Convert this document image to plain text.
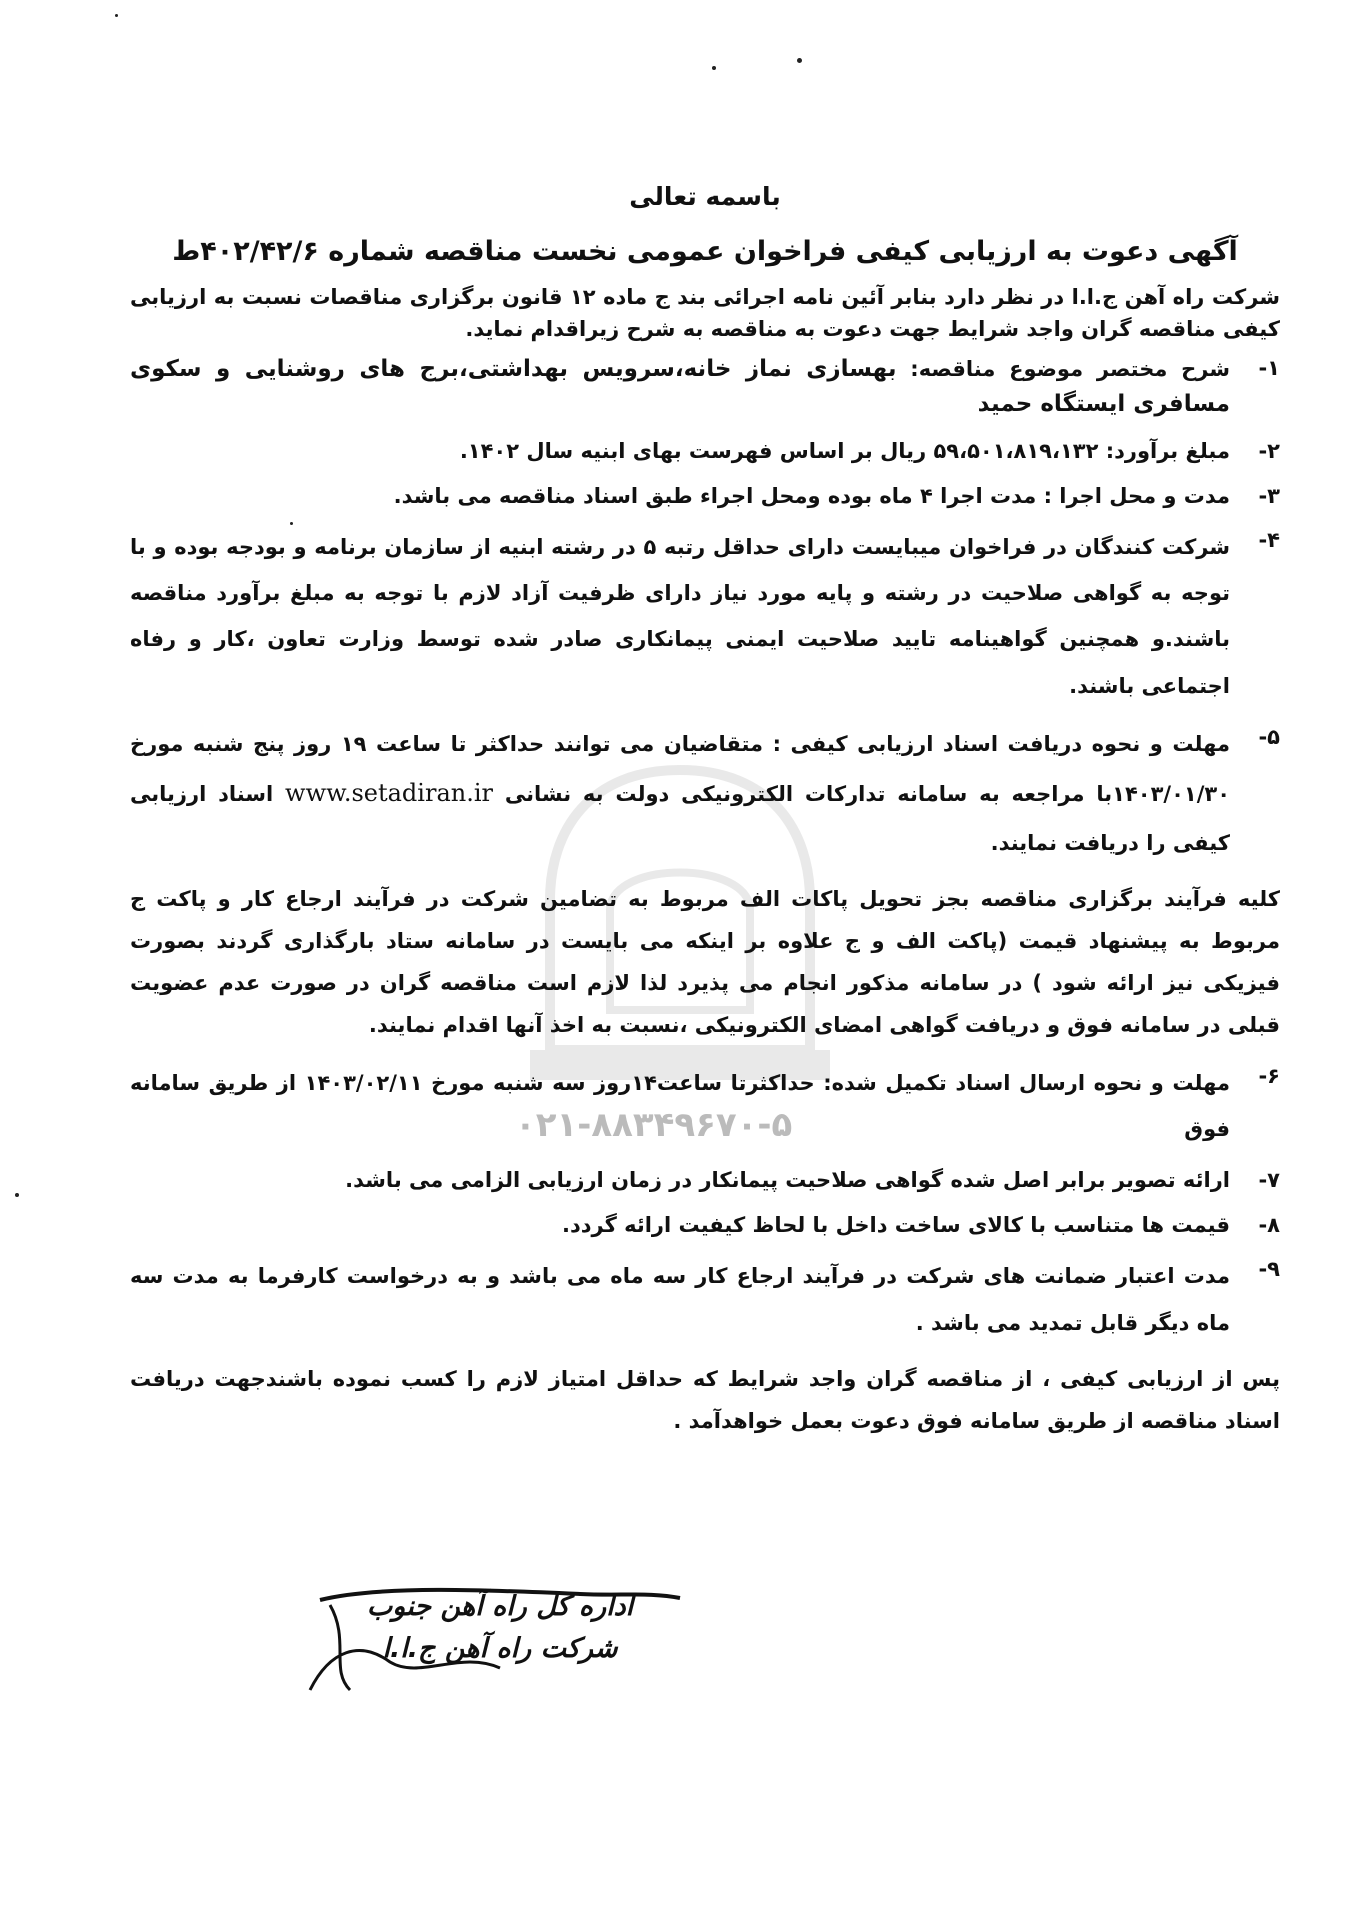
۰۲۱-۸۸۳۴۹۶۷۰-۵
باسمه تعالی
آگهی دعوت به ارزیابی کیفی فراخوان عمومی نخست مناقصه شماره ۴۰۲/۴۲/۶ط

شرکت راه آهن ج.ا.ا در نظر دارد بنابر آئین نامه اجرائی بند ج ماده ۱۲ قانون برگزاری مناقصات نسبت به ارزیابی کیفی مناقصه گران واجد شرایط جهت دعوت به مناقصه به شرح زیراقدام نماید.

۱-
شرح مختصر موضوع مناقصه: بهسازی نماز خانه،سرویس بهداشتی،برج های روشنایی و سکوی مسافری ایستگاه حمید
۲-
مبلغ برآورد: ۵۹،۵۰۱،۸۱۹،۱۳۲ ریال بر اساس فهرست بهای ابنیه سال ۱۴۰۲.
۳-
مدت و محل اجرا : مدت اجرا ۴ ماه بوده ومحل اجراء طبق اسناد مناقصه می باشد.
۴-
شرکت کنندگان در فراخوان میبایست دارای حداقل رتبه ۵ در رشته ابنیه از سازمان برنامه و بودجه بوده و با توجه به گواهی صلاحیت در رشته و پایه مورد نیاز دارای ظرفیت آزاد لازم با توجه به مبلغ برآورد مناقصه باشند.و همچنین گواهینامه تایید صلاحیت ایمنی پیمانکاری صادر شده توسط وزارت تعاون ،کار و رفاه اجتماعی باشند.
۵-
مهلت و نحوه دریافت اسناد ارزیابی کیفی : متقاضیان می توانند حداکثر تا ساعت ۱۹ روز پنج شنبه مورخ ۱۴۰۳/۰۱/۳۰با مراجعه به سامانه تدارکات الکترونیکی دولت به نشانی www.setadiran.ir اسناد ارزیابی کیفی را دریافت نمایند.
کلیه فرآیند برگزاری مناقصه بجز تحویل پاکات الف مربوط به تضامین شرکت در فرآیند ارجاع کار و پاکت ج مربوط به پیشنهاد قیمت (پاکت الف و ج علاوه بر اینکه می بایست در سامانه ستاد بارگذاری گردند بصورت فیزیکی نیز ارائه شود ) در سامانه مذکور انجام می پذیرد لذا لازم است مناقصه گران در صورت عدم عضویت قبلی در سامانه فوق و دریافت گواهی امضای الکترونیکی ،نسبت به اخذ آنها اقدام نمایند.
۶-
مهلت و نحوه ارسال اسناد تکمیل شده: حداکثرتا ساعت۱۴روز سه شنبه مورخ ۱۴۰۳/۰۲/۱۱ از طریق سامانه فوق
۷-
ارائه تصویر برابر اصل شده گواهی صلاحیت پیمانکار در زمان ارزیابی الزامی می باشد.
۸-
قیمت ها متناسب با کالای ساخت داخل با لحاظ کیفیت ارائه گردد.
۹-
مدت اعتبار ضمانت های شرکت در فرآیند ارجاع کار سه ماه می باشد و به درخواست کارفرما به مدت سه ماه دیگر قابل تمدید می باشد .

پس از ارزیابی کیفی ، از مناقصه گران واجد شرایط که حداقل امتیاز لازم را کسب نموده باشندجهت دریافت اسناد مناقصه از طریق سامانه فوق دعوت بعمل خواهدآمد .

اداره کل راه آهن جنوب
شرکت راه آهن ج.ا.ا
